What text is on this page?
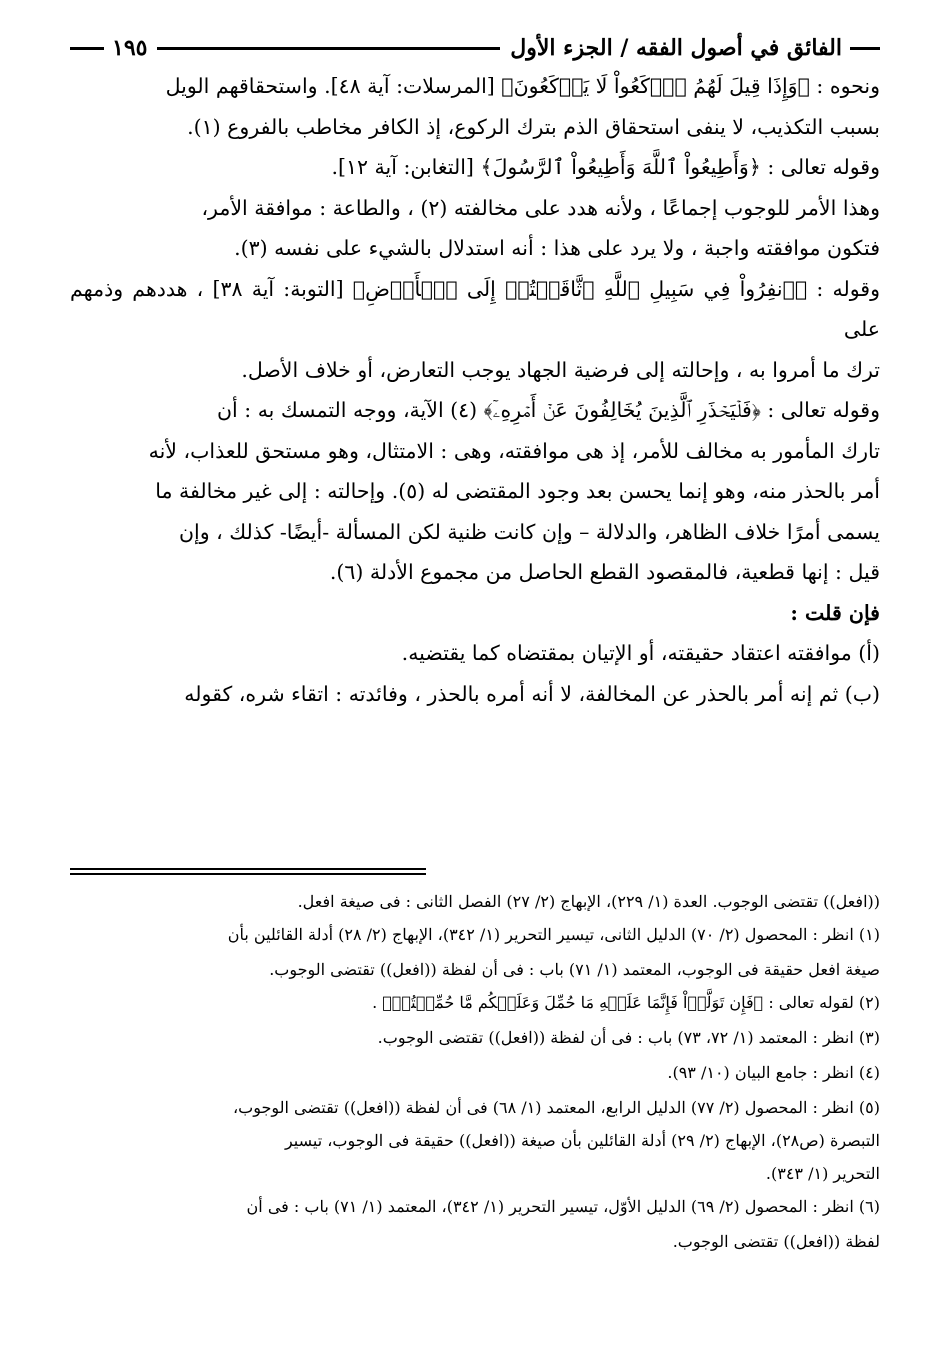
الفائق في أصول الفقه / الجزء الأول
١٩٥

ونحوه : ﴿وَإِذَا قِيلَ لَهُمُ ٱرۡكَعُواْ لَا يَرۡكَعُونَ﴾ [المرسلات: آية ٤٨]. واستحقاقهم الويل

بسبب التكذيب، لا ينفى استحقاق الذم بترك الركوع، إذ الكافر مخاطب بالفروع (١).

وقوله تعالى : ﴿وَأَطِيعُواْ ٱللَّهَ وَأَطِيعُواْ ٱلرَّسُولَ﴾ [التغابن: آية ١٢].

وهذا الأمر للوجوب إجماعًا ، ولأنه هدد على مخالفته (٢) ، والطاعة : موافقة الأمر،

فتكون موافقته واجبة ، ولا يرد على هذا : أنه استدلال بالشيء على نفسه (٣).

وقوله : ﴿ٱنفِرُواْ فِي سَبِيلِ ٱللَّهِ ٱثَّاقَلۡتُمۡ إِلَى ٱلۡأَرۡضِ﴾ [التوبة: آية ٣٨] ، هددهم وذمهم على

ترك ما أمروا به ، وإحالته إلى فرضية الجهاد يوجب التعارض، أو خلاف الأصل.

وقوله تعالى : ﴿فَلۡيَحۡذَرِ ٱلَّذِينَ يُخَالِفُونَ عَنۡ أَمۡرِهِۦٓ﴾ (٤) الآية، ووجه التمسك به : أن

تارك المأمور به مخالف للأمر، إذ هى موافقته، وهى : الامتثال، وهو مستحق للعذاب، لأنه

أمر بالحذر منه، وهو إنما يحسن بعد وجود المقتضى له (٥). وإحالته : إلى غير مخالفة ما

يسمى أمرًا خلاف الظاهر، والدلالة – وإن كانت ظنية لكن المسألة -أيضًا- كذلك ، وإن

قيل : إنها قطعية، فالمقصود القطع الحاصل من مجموع الأدلة (٦).

فإن قلت :

(أ) موافقته اعتقاد حقيقته، أو الإتيان بمقتضاه كما يقتضيه.

(ب) ثم إنه أمر بالحذر عن المخالفة، لا أنه أمره بالحذر ، وفائدته : اتقاء شره، كقوله

((افعل)) تقتضى الوجوب. العدة (١/ ٢٢٩)، الإبهاج (٢/ ٢٧) الفصل الثانى : فى صيغة افعل.

(١) انظر : المحصول (٢/ ٧٠) الدليل الثانى، تيسير التحرير (١/ ٣٤٢)، الإبهاج (٢/ ٢٨) أدلة القائلين بأن

صيغة افعل حقيقة فى الوجوب، المعتمد (١/ ٧١) باب : فى أن لفظة ((افعل)) تقتضى الوجوب.

(٢) لقوله تعالى : ﴿فَإِن تَوَلَّوۡاْ فَإِنَّمَا عَلَيۡهِ مَا حُمِّلَ وَعَلَيۡكُم مَّا حُمِّلۡتُمۡ﴾ .

(٣) انظر : المعتمد (١/ ٧٢، ٧٣) باب : فى أن لفظة ((افعل)) تقتضى الوجوب.

(٤) انظر : جامع البيان (١٠/ ٩٣).

(٥) انظر : المحصول (٢/ ٧٧) الدليل الرابع، المعتمد (١/ ٦٨) فى أن لفظة ((افعل)) تقتضى الوجوب،

التبصرة (ص٢٨)، الإبهاج (٢/ ٢٩) أدلة القائلين بأن صيغة ((افعل)) حقيقة فى الوجوب، تيسير

التحرير (١/ ٣٤٣).

(٦) انظر : المحصول (٢/ ٦٩) الدليل الأوّل، تيسير التحرير (١/ ٣٤٢)، المعتمد (١/ ٧١) باب : فى أن

لفظة ((افعل)) تقتضى الوجوب.
